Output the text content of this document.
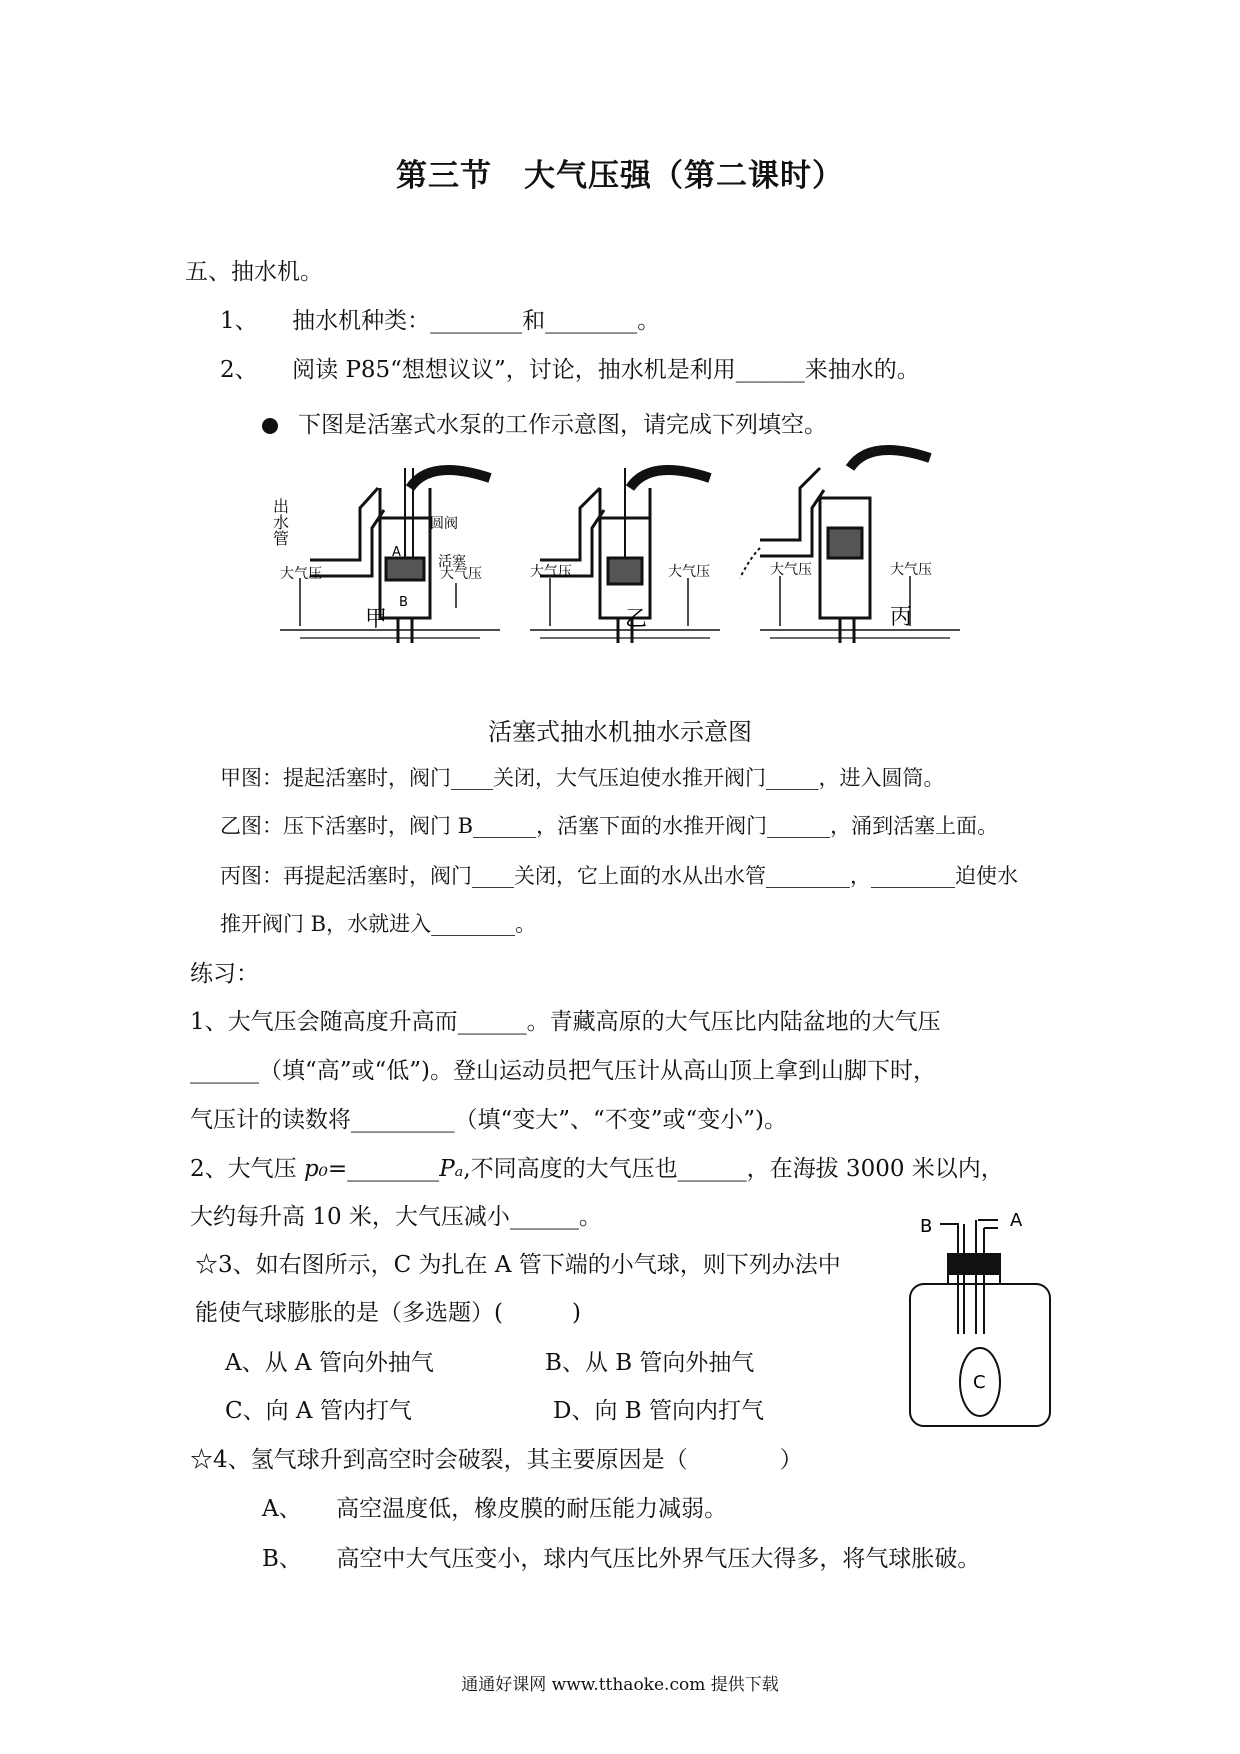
第三节　大气压强（第二课时）
五、抽水机。
1、　　抽水机种类：________和________。
2、　　阅读 P85“想想议议”，讨论，抽水机是利用______来抽水的。
下图是活塞式水泵的工作示意图，请完成下列填空。
出水管	圆阀
活塞
大气压	大气压	大气压	大气压	大气压	大气压
B
A
甲	乙	丙
活塞式抽水机抽水示意图
甲图：提起活塞时，阀门____关闭，大气压迫使水推开阀门_____，进入圆筒。
乙图：压下活塞时，阀门 B______，活塞下面的水推开阀门______，涌到活塞上面。
丙图：再提起活塞时，阀门____关闭，它上面的水从出水管________，________迫使水
推开阀门 B，水就进入________。
练习：
1、大气压会随高度升高而______。青藏高原的大气压比内陆盆地的大气压
______（填“高”或“低”)。登山运动员把气压计从高山顶上拿到山脚下时，
气压计的读数将_________（填“变大”、“不变”或“变小”)。
2、大气压 p₀=________Pₐ,不同高度的大气压也______，在海拔 3000 米以内，
大约每升高 10 米，大气压减小______。
☆3、如右图所示，C 为扎在 A 管下端的小气球，则下列办法中
能使气球膨胀的是（多选题）(　　　)
A、从 A 管向外抽气	B、从 B 管向外抽气
C、向 A 管内打气	D、向 B 管向内打气
B	A
C
☆4、氢气球升到高空时会破裂，其主要原因是（　　　　）
A、　　高空温度低，橡皮膜的耐压能力减弱。
B、　　高空中大气压变小，球内气压比外界气压大得多，将气球胀破。
通通好课网 www.tthaoke.com 提供下载
